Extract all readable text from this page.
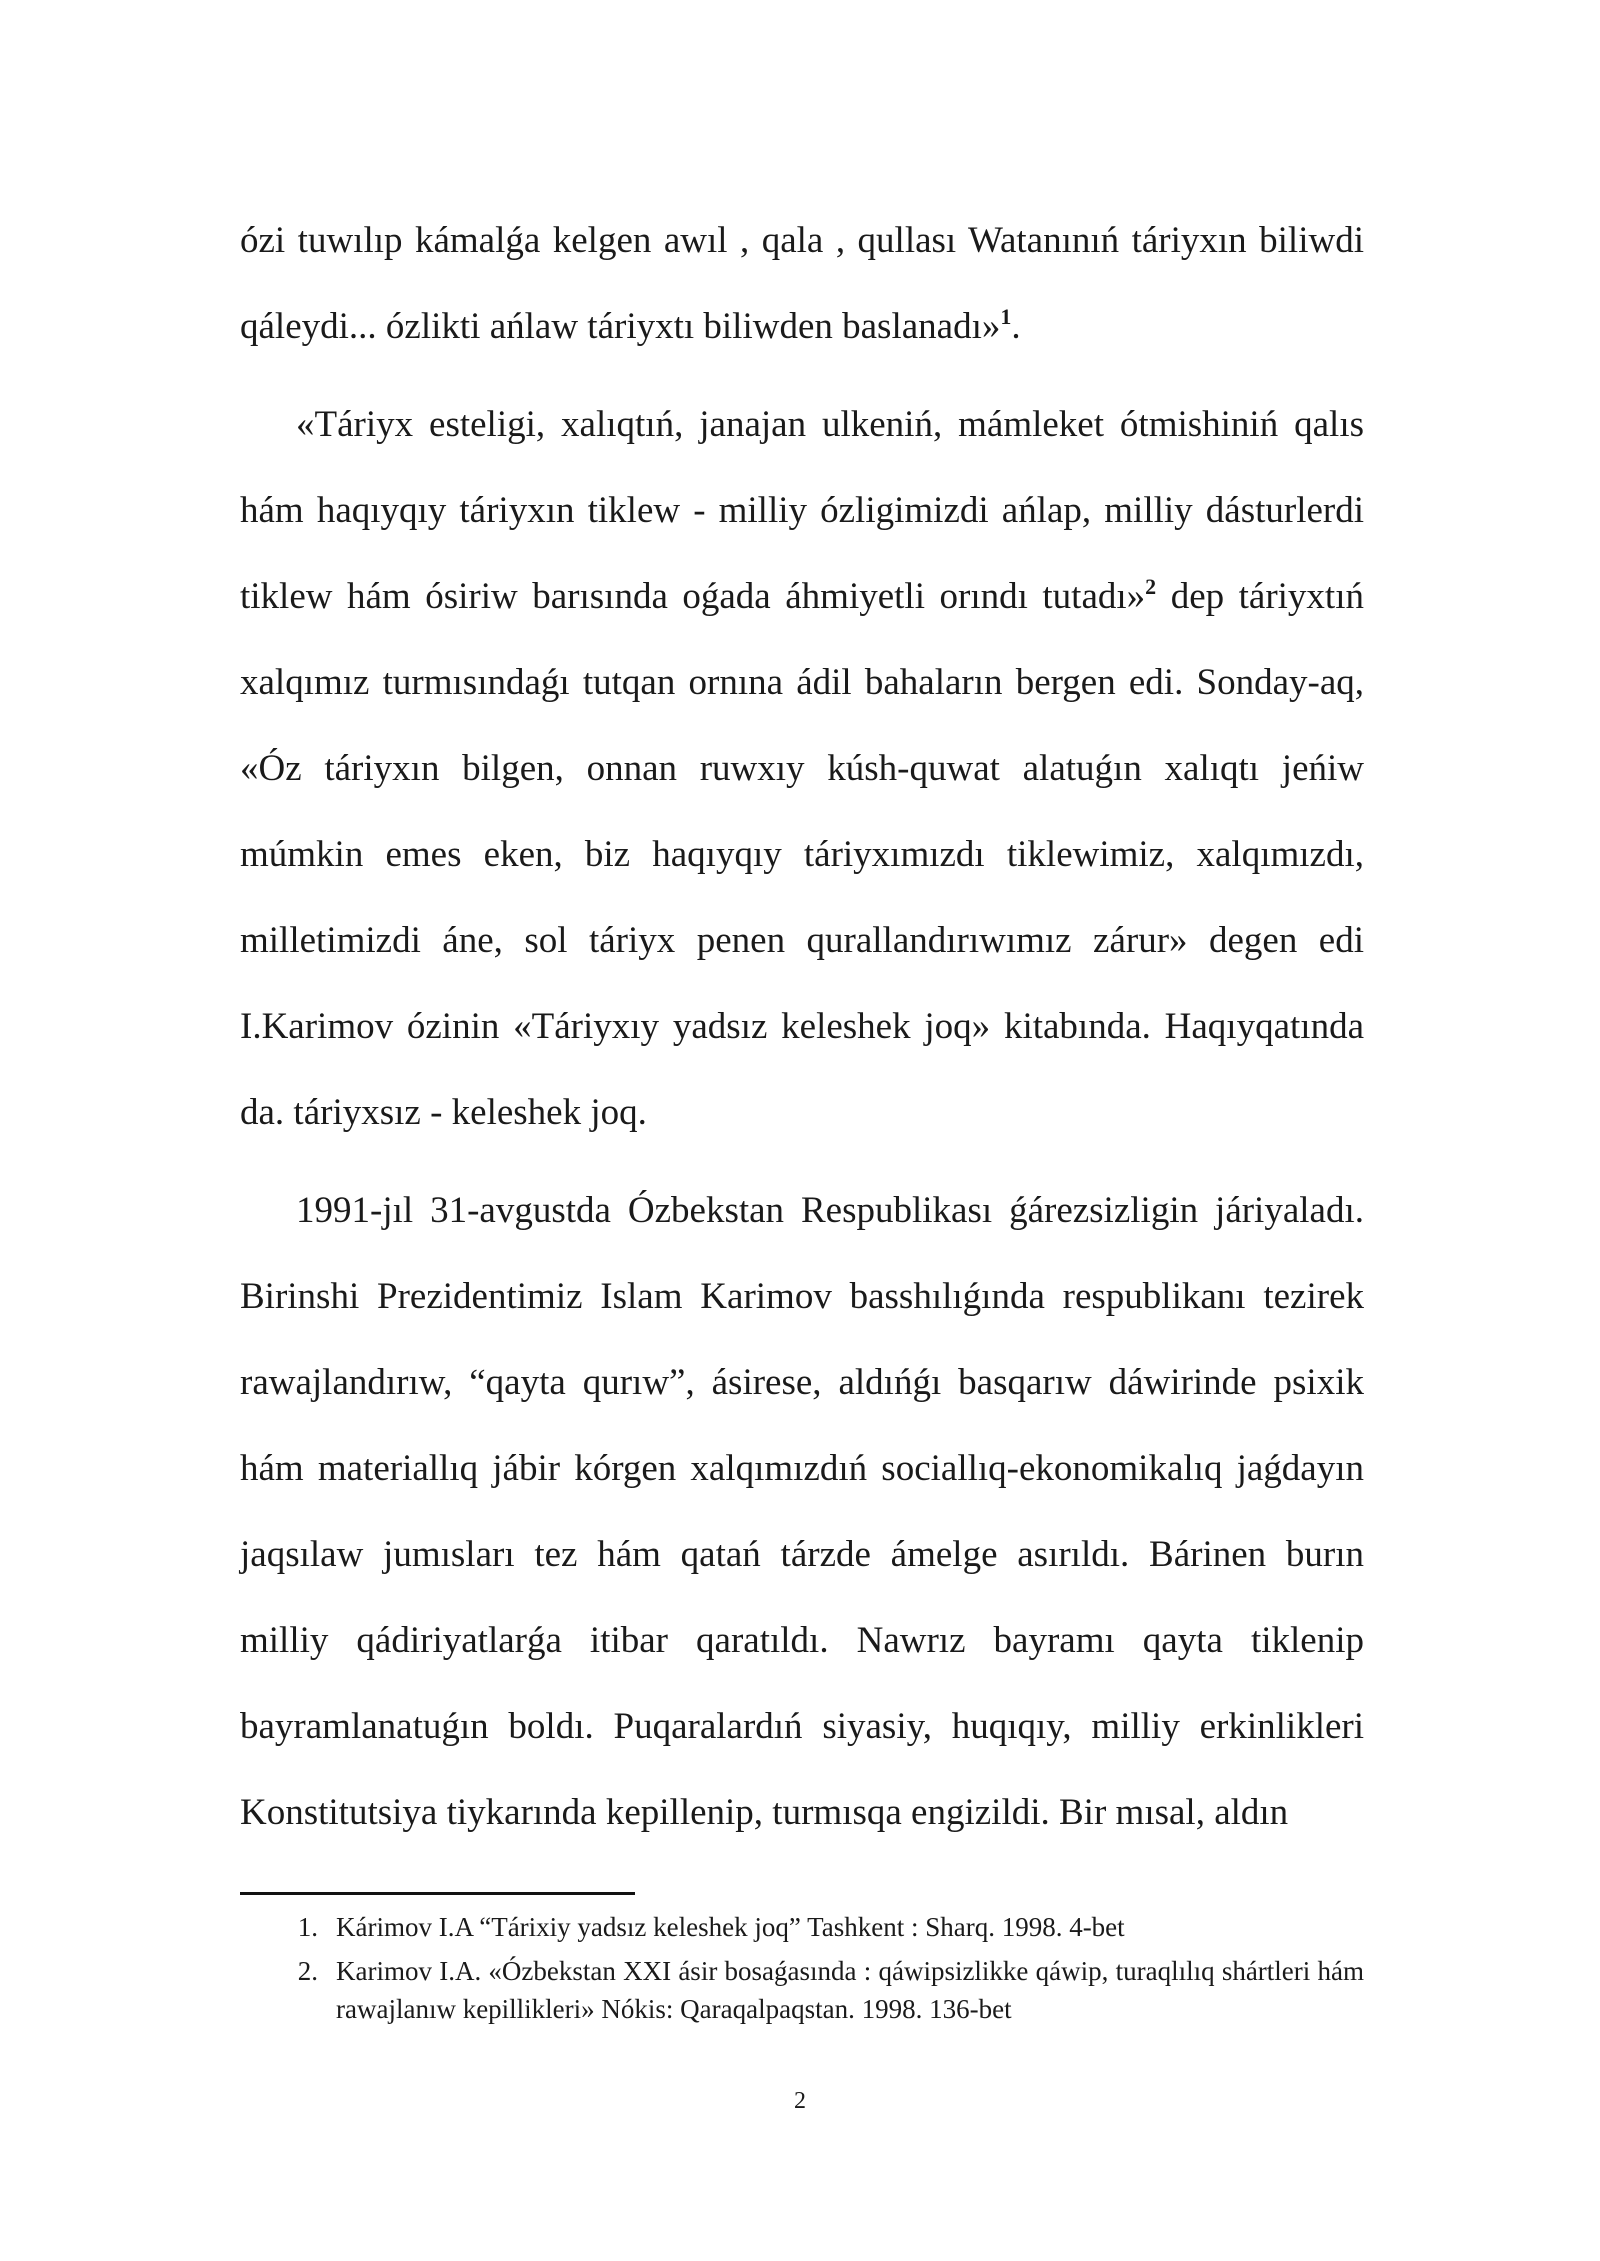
ózi tuwılıp kámalǵa kelgen awıl , qala , qullası Watanınıń táriyxın biliwdi qáleydi... ózlikti ańlaw táriyxtı biliwden baslanadı»$^1$.

«Táriyx esteligi, xalıqtıń, janajan ulkeniń, mámleket ótmishiniń qalıs hám haqıyqıy táriyxın tiklew - milliy ózligimizdi ańlap, milliy dásturlerdi tiklew hám ósiriw barısında oǵada áhmiyetli orındı tutadı»$^2$ dep táriyxtıń xalqımız turmısındaǵı tutqan ornına ádil bahaların bergen edi. Sonday-aq, «Óz táriyxın bilgen, onnan ruwxıy kúsh-quwat alatuǵın xalıqtı jeńiw múmkin emes eken, biz haqıyqıy táriyxımızdı tiklewimiz, xalqımızdı, milletimizdi áne, sol táriyx penen qurallandırıwımız zárur» degen edi I.Karimov ózinin «Táriyxıy yadsız keleshek joq» kitabında. Haqıyqatında da. táriyxsız - keleshek joq.

1991-jıl 31-avgustda Ózbekstan Respublikası ǵárezsizligin járiyaladı. Birinshi Prezidentimiz Islam Karimov basshılıǵında respublikanı tezirek rawajlandırıw, “qayta qurıw”, ásirese, aldıńǵı basqarıw dáwirinde psixik hám materiallıq jábir kórgen xalqımızdıń sociallıq-ekonomikalıq jaǵdayın jaqsılaw jumısları tez hám qatań tárzde ámelge asırıldı. Bárinen burın milliy qádiriyatlarǵa itibar qaratıldı. Nawrız bayramı qayta tiklenip bayramlanatuǵın boldı. Puqaralardıń siyasiy, huqıqıy, milliy erkinlikleri Konstitutsiya tiykarında kepillenip, turmısqa engizildi. Bir mısal, aldın

1. Kárimov I.A “Tárixiy yadsız keleshek joq” Tashkent : Sharq. 1998. 4-bet
2. Karimov I.A. «Ózbekstan XXI ásir bosaǵasında : qáwipsizlikke qáwip, turaqlılıq shártleri hám rawajlanıw kepillikleri» Nókis: Qaraqalpaqstan. 1998. 136-bet
2
